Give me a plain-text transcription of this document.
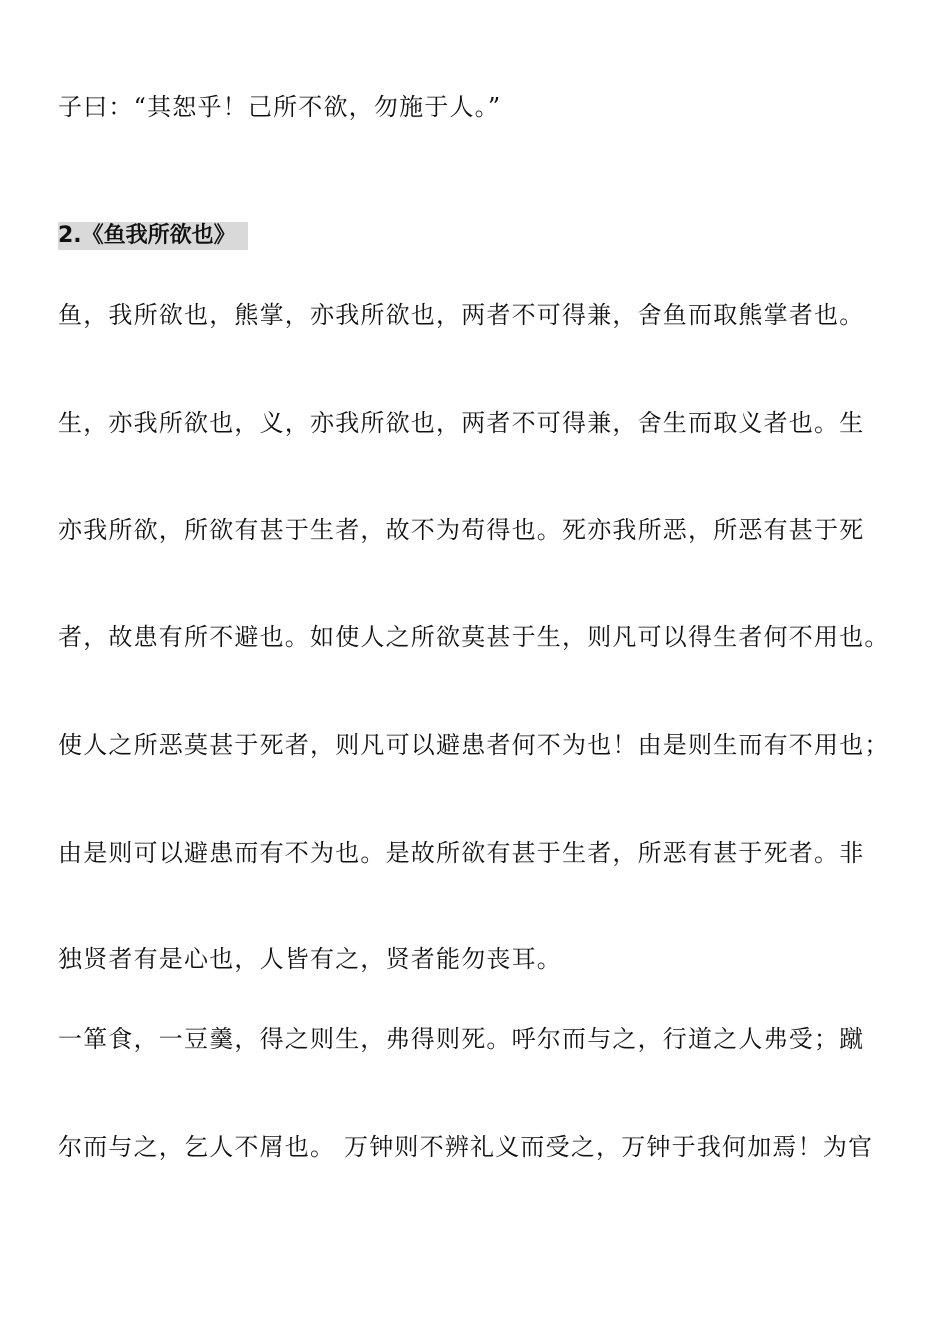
子曰：“其恕乎！己所不欲，勿施于人。”
2.《鱼我所欲也》
鱼，我所欲也，熊掌，亦我所欲也，两者不可得兼，舍鱼而取熊掌者也。
生，亦我所欲也，义，亦我所欲也，两者不可得兼，舍生而取义者也。生
亦我所欲，所欲有甚于生者，故不为苟得也。死亦我所恶，所恶有甚于死
者，故患有所不避也。如使人之所欲莫甚于生，则凡可以得生者何不用也。
使人之所恶莫甚于死者，则凡可以避患者何不为也！由是则生而有不用也；
由是则可以避患而有不为也。是故所欲有甚于生者，所恶有甚于死者。非
独贤者有是心也，人皆有之，贤者能勿丧耳。
一箪食，一豆羹，得之则生，弗得则死。呼尔而与之，行道之人弗受；蹴
尔而与之，乞人不屑也。 万钟则不辨礼义而受之，万钟于我何加焉！为官
